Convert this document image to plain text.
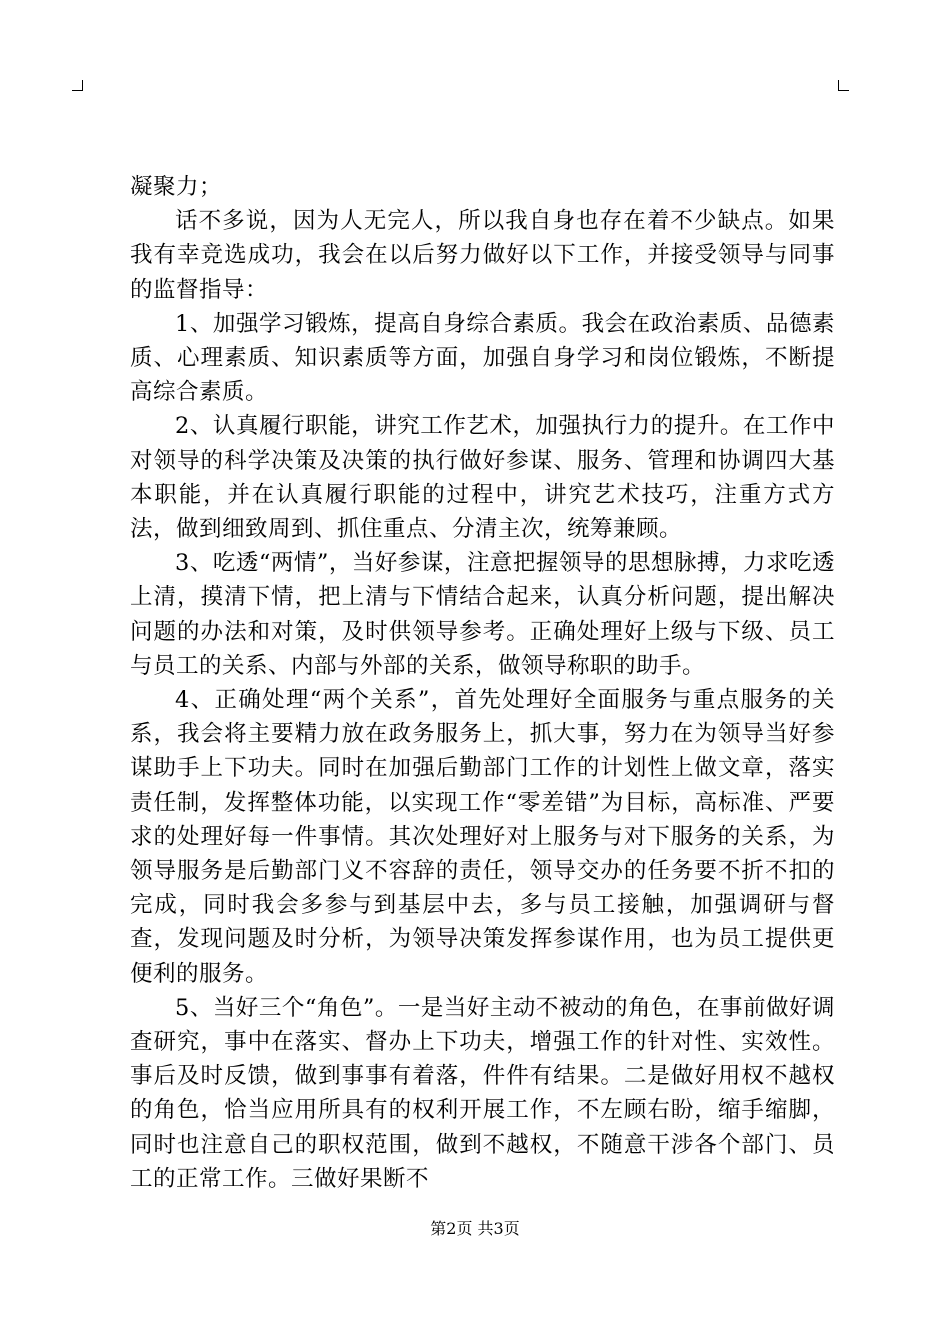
凝聚力；

话不多说，因为人无完人，所以我自身也存在着不少缺点。如果我有幸竞选成功，我会在以后努力做好以下工作，并接受领导与同事的监督指导：

1、加强学习锻炼，提高自身综合素质。我会在政治素质、品德素质、心理素质、知识素质等方面，加强自身学习和岗位锻炼，不断提高综合素质。

2、认真履行职能，讲究工作艺术，加强执行力的提升。在工作中对领导的科学决策及决策的执行做好参谋、服务、管理和协调四大基本职能，并在认真履行职能的过程中，讲究艺术技巧，注重方式方法，做到细致周到、抓住重点、分清主次，统筹兼顾。

3、吃透“两情”，当好参谋，注意把握领导的思想脉搏，力求吃透上清，摸清下情，把上清与下情结合起来，认真分析问题，提出解决问题的办法和对策，及时供领导参考。正确处理好上级与下级、员工与员工的关系、内部与外部的关系，做领导称职的助手。

4、正确处理“两个关系”，首先处理好全面服务与重点服务的关系，我会将主要精力放在政务服务上，抓大事，努力在为领导当好参谋助手上下功夫。同时在加强后勤部门工作的计划性上做文章，落实责任制，发挥整体功能，以实现工作“零差错”为目标，高标准、严要求的处理好每一件事情。其次处理好对上服务与对下服务的关系，为领导服务是后勤部门义不容辞的责任，领导交办的任务要不折不扣的完成，同时我会多参与到基层中去，多与员工接触，加强调研与督查，发现问题及时分析，为领导决策发挥参谋作用，也为员工提供更便利的服务。

5、当好三个“角色”。一是当好主动不被动的角色，在事前做好调查研究，事中在落实、督办上下功夫，增强工作的针对性、实效性。事后及时反馈，做到事事有着落，件件有结果。二是做好用权不越权的角色，恰当应用所具有的权利开展工作，不左顾右盼，缩手缩脚，同时也注意自己的职权范围，做到不越权，不随意干涉各个部门、员工的正常工作。三做好果断不

第2页 共3页
